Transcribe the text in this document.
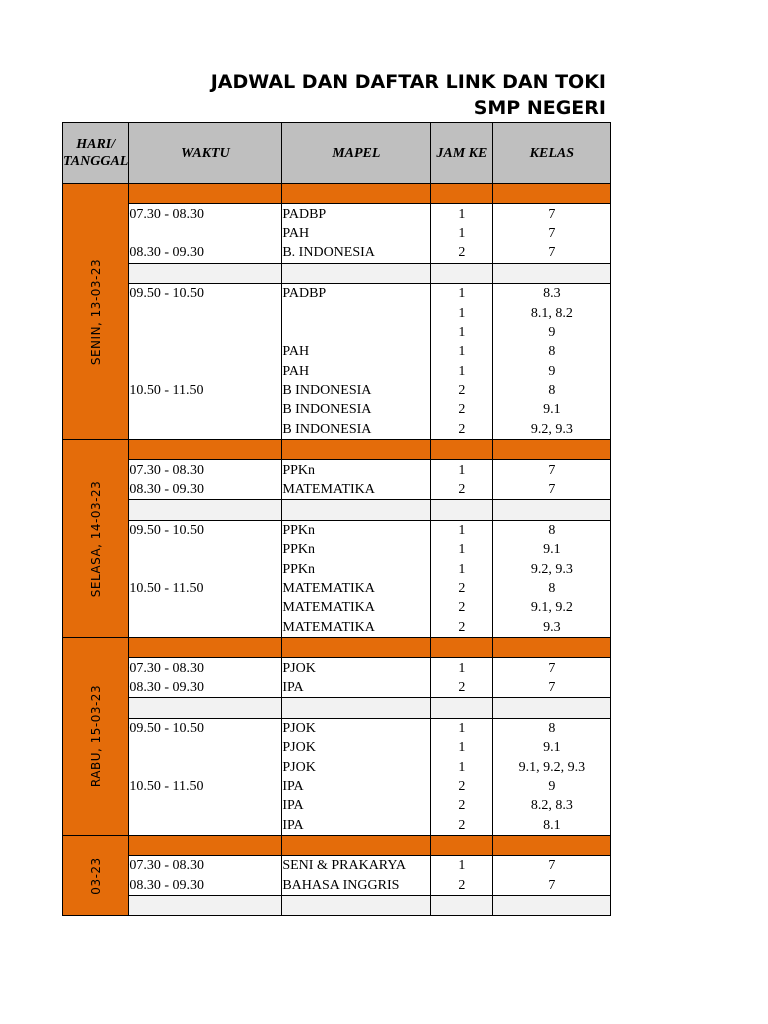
JADWAL DAN DAFTAR LINK DAN TOKI
SMP NEGERI
HARI/ TANGGAL	WAKTU	MAPEL	JAM KE	KELAS

SENIN, 13-03-23				

	07.30 - 08.30	PADBP	1	7
		PAH	1	7
	08.30 - 09.30	B. INDONESIA	2	7

	09.50 - 10.50	PADBP	1	8.3
			1	8.1, 8.2
			1	9
		PAH	1	8
		PAH	1	9
	10.50 - 11.50	B INDONESIA	2	8
		B INDONESIA	2	9.1
		B INDONESIA	2	9.2, 9.3

SELASA, 14-03-23				

	07.30 - 08.30	PPKn	1	7
	08.30 - 09.30	MATEMATIKA	2	7

	09.50 - 10.50	PPKn	1	8
		PPKn	1	9.1
		PPKn	1	9.2, 9.3
	10.50 - 11.50	MATEMATIKA	2	8
		MATEMATIKA	2	9.1, 9.2
		MATEMATIKA	2	9.3

RABU, 15-03-23				

	07.30 - 08.30	PJOK	1	7
	08.30 - 09.30	IPA	2	7

	09.50 - 10.50	PJOK	1	8
		PJOK	1	9.1
		PJOK	1	9.1, 9.2, 9.3
	10.50 - 11.50	IPA	2	9
		IPA	2	8.2, 8.3
		IPA	2	8.1

03-23				

	07.30 - 08.30	SENI & PRAKARYA	1	7
	08.30 - 09.30	BAHASA INGGRIS	2	7
